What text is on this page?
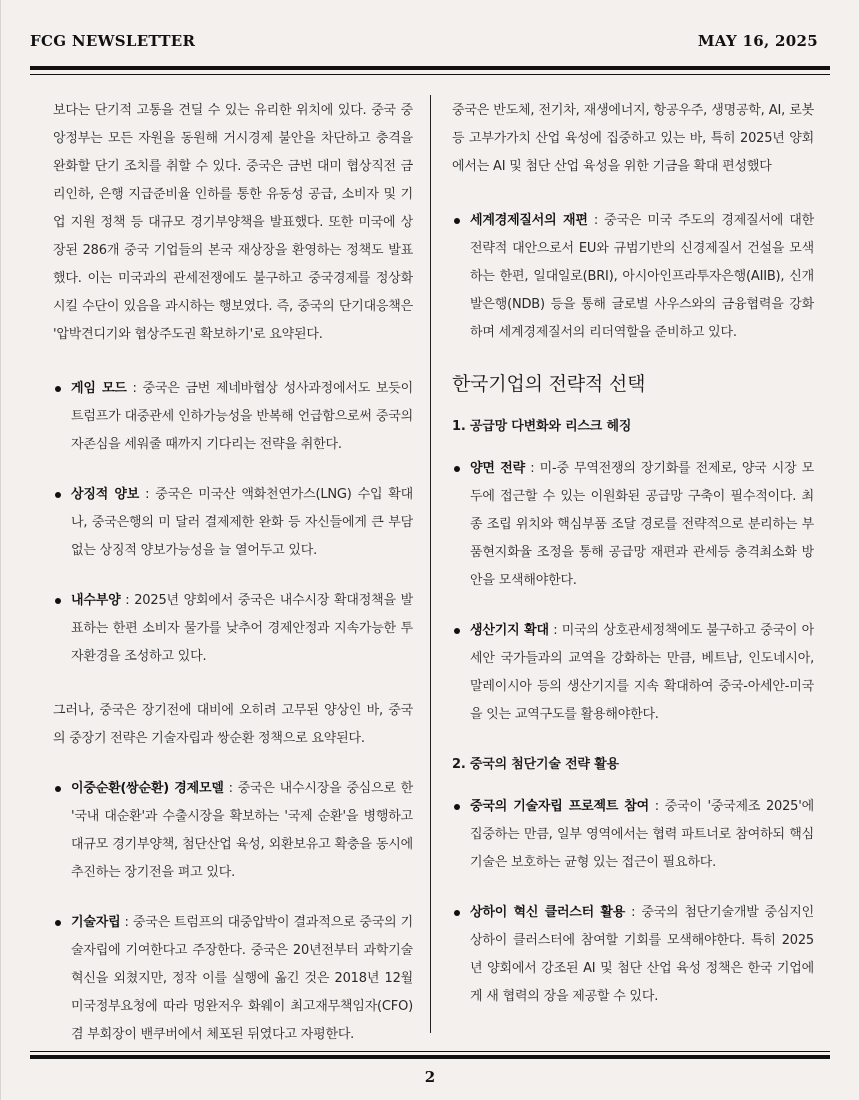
FCG NEWSLETTER	MAY 16, 2025

보다는 단기적 고통을 견딜 수 있는 유리한 위치에 있다. 중국 중앙정부는 모든 자원을 동원해 거시경제 불안을 차단하고 충격을 완화할 단기 조치를 취할 수 있다. 중국은 금번 대미 협상직전 금리인하, 은행 지급준비율 인하를 통한 유동성 공급, 소비자 및 기업 지원 정책 등 대규모 경기부양책을 발표했다. 또한 미국에 상장된 286개 중국 기업들의 본국 재상장을 환영하는 정책도 발표했다. 이는 미국과의 관세전쟁에도 불구하고 중국경제를 정상화시킬 수단이 있음을 과시하는 행보였다. 즉, 중국의 단기대응책은 '압박견디기와 협상주도권 확보하기'로 요약된다.

게임 모드 : 중국은 금번 제네바협상 성사과정에서도 보듯이 트럼프가 대중관세 인하가능성을 반복해 언급함으로써 중국의 자존심을 세워줄 때까지 기다리는 전략을 취한다.
상징적 양보 : 중국은 미국산 액화천연가스(LNG) 수입 확대나, 중국은행의 미 달러 결제제한 완화 등 자신들에게 큰 부담없는 상징적 양보가능성을 늘 열어두고 있다.
내수부양 : 2025년 양회에서 중국은 내수시장 확대정책을 발표하는 한편 소비자 물가를 낮추어 경제안정과 지속가능한 투자환경을 조성하고 있다.

그러나, 중국은 장기전에 대비에 오히려 고무된 양상인 바, 중국의 중장기 전략은 기술자립과 쌍순환 정책으로 요약된다.

이중순환(쌍순환) 경제모델 : 중국은 내수시장을 중심으로 한 '국내 대순환'과 수출시장을 확보하는 '국제 순환'을 병행하고 대규모 경기부양책, 첨단산업 육성, 외환보유고 확충을 동시에 추진하는 장기전을 펴고 있다.
기술자립 : 중국은 트럼프의 대중압박이 결과적으로 중국의 기술자립에 기여한다고 주장한다. 중국은 20년전부터 과학기술혁신을 외쳤지만, 정작 이를 실행에 옮긴 것은 2018년 12월 미국정부요청에 따라 멍완저우 화웨이 최고재무책임자(CFO) 겸 부회장이 밴쿠버에서 체포된 뒤였다고 자평한다.

중국은 반도체, 전기차, 재생에너지, 항공우주, 생명공학, AI, 로봇 등 고부가가치 산업 육성에 집중하고 있는 바, 특히 2025년 양회에서는 AI 및 첨단 산업 육성을 위한 기금을 확대 편성했다

세계경제질서의 재편 : 중국은 미국 주도의 경제질서에 대한 전략적 대안으로서 EU와 규범기반의 신경제질서 건설을 모색하는 한편, 일대일로(BRI), 아시아인프라투자은행(AIIB), 신개발은행(NDB) 등을 통해 글로벌 사우스와의 금융협력을 강화하며 세계경제질서의 리더역할을 준비하고 있다.
한국기업의 전략적 선택
1. 공급망 다변화와 리스크 헤징
양면 전략 : 미-중 무역전쟁의 장기화를 전제로, 양국 시장 모두에 접근할 수 있는 이원화된 공급망 구축이 필수적이다. 최종 조립 위치와 핵심부품 조달 경로를 전략적으로 분리하는 부품현지화율 조정을 통해 공급망 재편과 관세등 충격최소화 방안을 모색해야한다.
생산기지 확대 : 미국의 상호관세정책에도 불구하고 중국이 아세안 국가들과의 교역을 강화하는 만큼, 베트남, 인도네시아, 말레이시아 등의 생산기지를 지속 확대하여 중국-아세안-미국을 잇는 교역구도를 활용해야한다.
2. 중국의 첨단기술 전략 활용
중국의 기술자립 프로젝트 참여 : 중국이 '중국제조 2025'에 집중하는 만큼, 일부 영역에서는 협력 파트너로 참여하되 핵심 기술은 보호하는 균형 있는 접근이 필요하다.
상하이 혁신 클러스터 활용 : 중국의 첨단기술개발 중심지인 상하이 클러스터에 참여할 기회를 모색해야한다. 특히 2025년 양회에서 강조된 AI 및 첨단 산업 육성 정책은 한국 기업에게 새 협력의 장을 제공할 수 있다.
2
